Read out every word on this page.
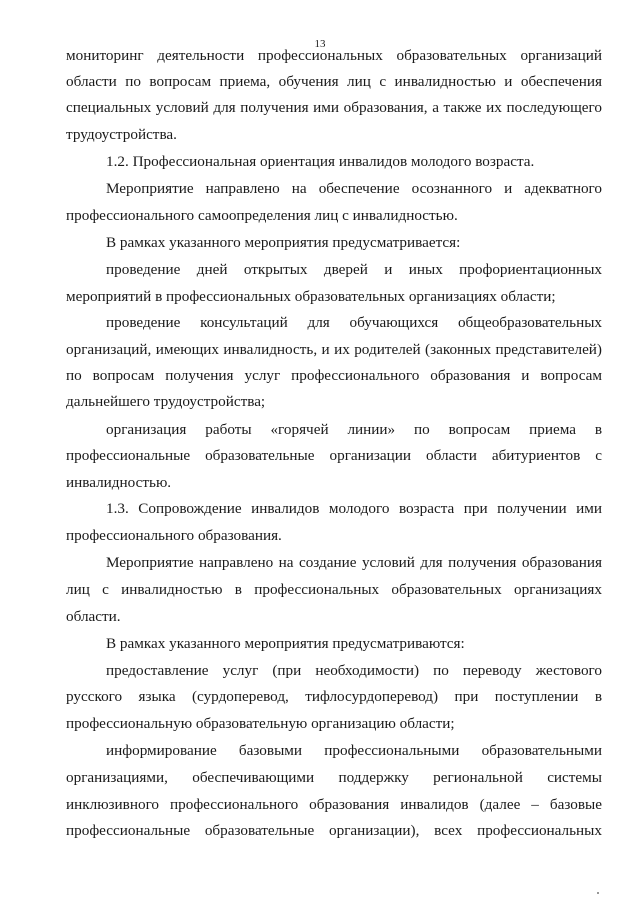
13
мониторинг деятельности профессиональных образовательных организаций
области по вопросам приема, обучения лиц с инвалидностью и обеспечения
специальных условий для получения ими образования, а также их последующего
трудоустройства.
1.2. Профессиональная ориентация инвалидов молодого возраста.
Мероприятие направлено на обеспечение осознанного и адекватного
профессионального самоопределения лиц с инвалидностью.
В рамках указанного мероприятия предусматривается:
проведение дней открытых дверей и иных профориентационных
мероприятий в профессиональных образовательных организациях области;
проведение консультаций для обучающихся общеобразовательных
организаций, имеющих инвалидность, и их родителей (законных представителей)
по вопросам получения услуг профессионального образования и вопросам
дальнейшего трудоустройства;
организация работы «горячей линии» по вопросам приема в
профессиональные образовательные организации области абитуриентов с
инвалидностью.
1.3. Сопровождение инвалидов молодого возраста при получении ими
профессионального образования.
Мероприятие направлено на создание условий для получения образования
лиц с инвалидностью в профессиональных образовательных организациях
области.
В рамках указанного мероприятия предусматриваются:
предоставление услуг (при необходимости) по переводу жестового
русского языка (сурдоперевод, тифлосурдоперевод) при поступлении в
профессиональную образовательную организацию области;
информирование базовыми профессиональными образовательными
организациями, обеспечивающими поддержку региональной системы
инклюзивного профессионального образования инвалидов (далее – базовые
профессиональные образовательные организации), всех профессиональных
